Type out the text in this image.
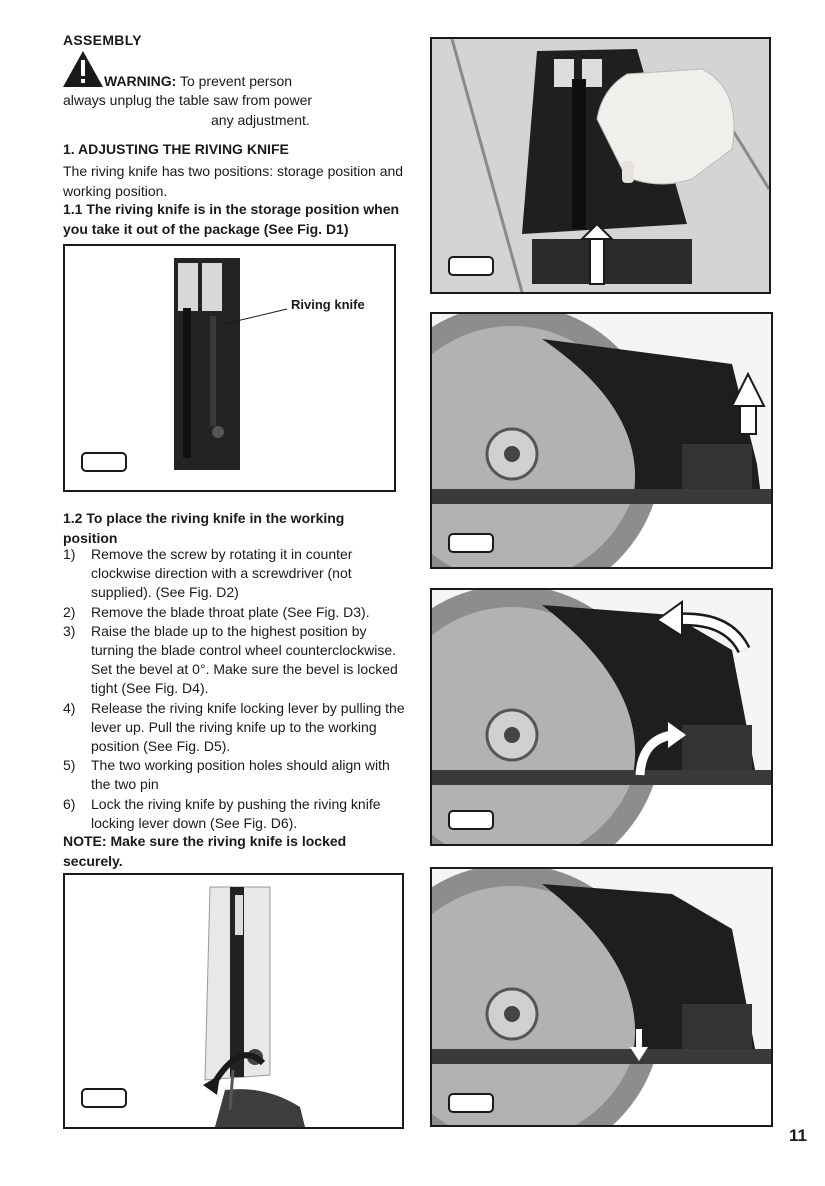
ASSEMBLY
WARNING: To prevent person
always unplug the table saw from power
any adjustment.
1. ADJUSTING THE RIVING KNIFE
The riving knife has two positions: storage position and working position.
1.1 The riving knife is in the storage position when you take it out of the package (See Fig. D1)
Riving knife
1.2 To place the riving knife in the working position
1) Remove the screw by rotating it in counter clockwise direction with a screwdriver (not supplied). (See Fig. D2)
2) Remove the blade throat plate (See Fig. D3).
3) Raise the blade up to the highest position by turning the blade control wheel counterclockwise. Set the bevel at 0°. Make sure the bevel is locked tight (See Fig. D4).
4) Release the riving knife locking lever by pulling the lever up. Pull the riving knife up to the working position (See Fig. D5).
5) The two working position holes should align with the two pin
6) Lock the riving knife by pushing the riving knife locking lever down (See Fig. D6).
NOTE: Make sure the riving knife is locked securely.
11
